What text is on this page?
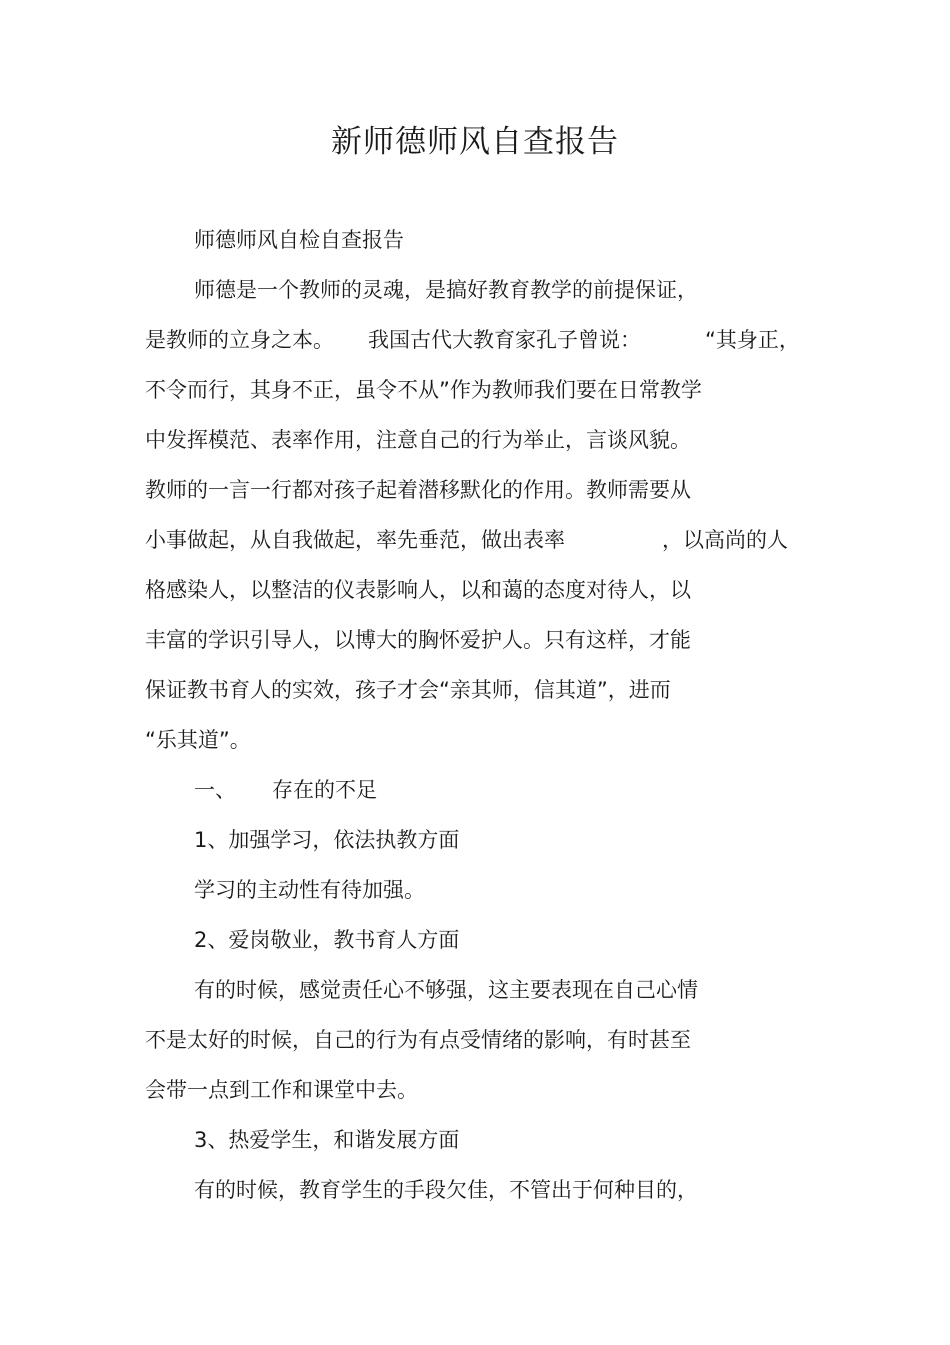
新师德师风自查报告
师德师风自检自查报告
师德是一个教师的灵魂，是搞好教育教学的前提保证，
是教师的立身之本。 我国古代大教育家孔子曾说：	“其身正，
不令而行，其身不正，虽令不从”作为教师我们要在日常教学
中发挥模范、表率作用，注意自己的行为举止，言谈风貌。
教师的一言一行都对孩子起着潜移默化的作用。教师需要从
小事做起，从自我做起，率先垂范，做出表率	，以高尚的人
格感染人，以整洁的仪表影响人，以和蔼的态度对待人，以
丰富的学识引导人，以博大的胸怀爱护人。只有这样，才能
保证教书育人的实效，孩子才会“亲其师，信其道”，进而
“乐其道”。
一、 存在的不足
1、加强学习，依法执教方面
学习的主动性有待加强。
2、爱岗敬业，教书育人方面
有的时候，感觉责任心不够强，这主要表现在自己心情
不是太好的时候，自己的行为有点受情绪的影响，有时甚至
会带一点到工作和课堂中去。
3、热爱学生，和谐发展方面
有的时候，教育学生的手段欠佳，不管出于何种目的，
